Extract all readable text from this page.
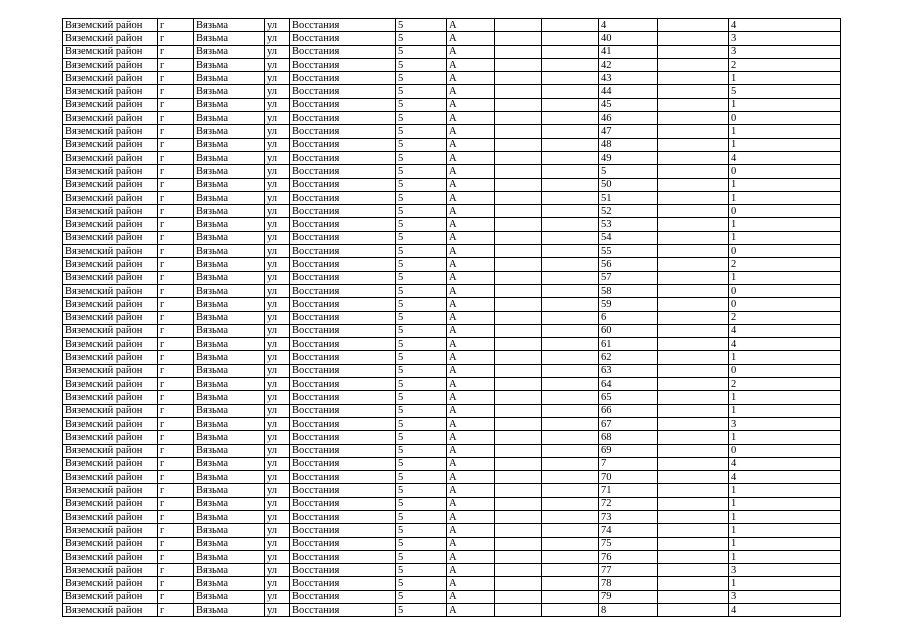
Вяземский район	г	Вязьма	ул	Восстания	5	А			4		4
Вяземский район	г	Вязьма	ул	Восстания	5	А			40		3
Вяземский район	г	Вязьма	ул	Восстания	5	А			41		3
Вяземский район	г	Вязьма	ул	Восстания	5	А			42		2
Вяземский район	г	Вязьма	ул	Восстания	5	А			43		1
Вяземский район	г	Вязьма	ул	Восстания	5	А			44		5
Вяземский район	г	Вязьма	ул	Восстания	5	А			45		1
Вяземский район	г	Вязьма	ул	Восстания	5	А			46		0
Вяземский район	г	Вязьма	ул	Восстания	5	А			47		1
Вяземский район	г	Вязьма	ул	Восстания	5	А			48		1
Вяземский район	г	Вязьма	ул	Восстания	5	А			49		4
Вяземский район	г	Вязьма	ул	Восстания	5	А			5		0
Вяземский район	г	Вязьма	ул	Восстания	5	А			50		1
Вяземский район	г	Вязьма	ул	Восстания	5	А			51		1
Вяземский район	г	Вязьма	ул	Восстания	5	А			52		0
Вяземский район	г	Вязьма	ул	Восстания	5	А			53		1
Вяземский район	г	Вязьма	ул	Восстания	5	А			54		1
Вяземский район	г	Вязьма	ул	Восстания	5	А			55		0
Вяземский район	г	Вязьма	ул	Восстания	5	А			56		2
Вяземский район	г	Вязьма	ул	Восстания	5	А			57		1
Вяземский район	г	Вязьма	ул	Восстания	5	А			58		0
Вяземский район	г	Вязьма	ул	Восстания	5	А			59		0
Вяземский район	г	Вязьма	ул	Восстания	5	А			6		2
Вяземский район	г	Вязьма	ул	Восстания	5	А			60		4
Вяземский район	г	Вязьма	ул	Восстания	5	А			61		4
Вяземский район	г	Вязьма	ул	Восстания	5	А			62		1
Вяземский район	г	Вязьма	ул	Восстания	5	А			63		0
Вяземский район	г	Вязьма	ул	Восстания	5	А			64		2
Вяземский район	г	Вязьма	ул	Восстания	5	А			65		1
Вяземский район	г	Вязьма	ул	Восстания	5	А			66		1
Вяземский район	г	Вязьма	ул	Восстания	5	А			67		3
Вяземский район	г	Вязьма	ул	Восстания	5	А			68		1
Вяземский район	г	Вязьма	ул	Восстания	5	А			69		0
Вяземский район	г	Вязьма	ул	Восстания	5	А			7		4
Вяземский район	г	Вязьма	ул	Восстания	5	А			70		4
Вяземский район	г	Вязьма	ул	Восстания	5	А			71		1
Вяземский район	г	Вязьма	ул	Восстания	5	А			72		1
Вяземский район	г	Вязьма	ул	Восстания	5	А			73		1
Вяземский район	г	Вязьма	ул	Восстания	5	А			74		1
Вяземский район	г	Вязьма	ул	Восстания	5	А			75		1
Вяземский район	г	Вязьма	ул	Восстания	5	А			76		1
Вяземский район	г	Вязьма	ул	Восстания	5	А			77		3
Вяземский район	г	Вязьма	ул	Восстания	5	А			78		1
Вяземский район	г	Вязьма	ул	Восстания	5	А			79		3
Вяземский район	г	Вязьма	ул	Восстания	5	А			8		4
